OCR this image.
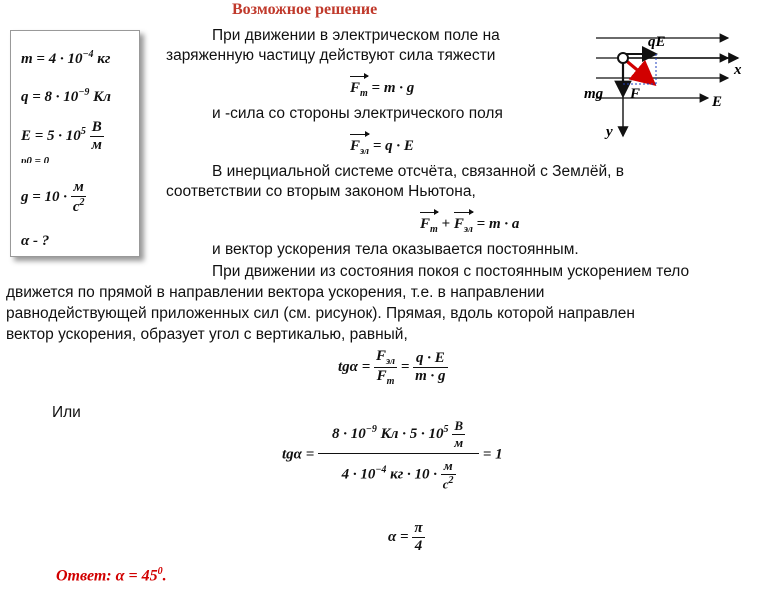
Возможное решение
$m = 4 \cdot 10^{-4}$ кг
$q = 8 \cdot 10^{-9}$ Кл
$E = 5 \cdot 10^5 \frac{В}{м}$
υ0 = 0
$g = 10 \cdot \frac{м}{с^2}$
α - ?
При движении в электрическом поле на
заряженную частицу действуют сила тяжести
$F_т = m \cdot g$
и -сила со стороны электрического поля
$F_{эл} = q \cdot E$
В инерциальной системе отсчёта, связанной с Землёй, в
соответствии со вторым законом Ньютона,
$F_т + F_{эл} = m \cdot a$
и вектор ускорения тела оказывается постоянным.
При движении из состояния покоя с постоянным ускорением тело
движется по прямой в направлении вектора ускорения, т.е. в направлении
равнодействующей приложенных сил (см. рисунок). Прямая, вдоль которой направлен
вектор ускорения, образует угол с вертикалью, равный,
$tg\alpha = \frac{F_{эл}}{F_т} = \frac{q \cdot E}{m \cdot g}$
Или
$tg\alpha = \frac{8 \cdot 10^{-9} Кл \cdot 5 \cdot 10^5 \frac{В}{м}}{4 \cdot 10^{-4} кг \cdot 10 \cdot \frac{м}{с^2}} = 1$
$\alpha = \frac{\pi}{4}$
Ответ: $\alpha = 45^0$.
qE
x
mg F	E
y
